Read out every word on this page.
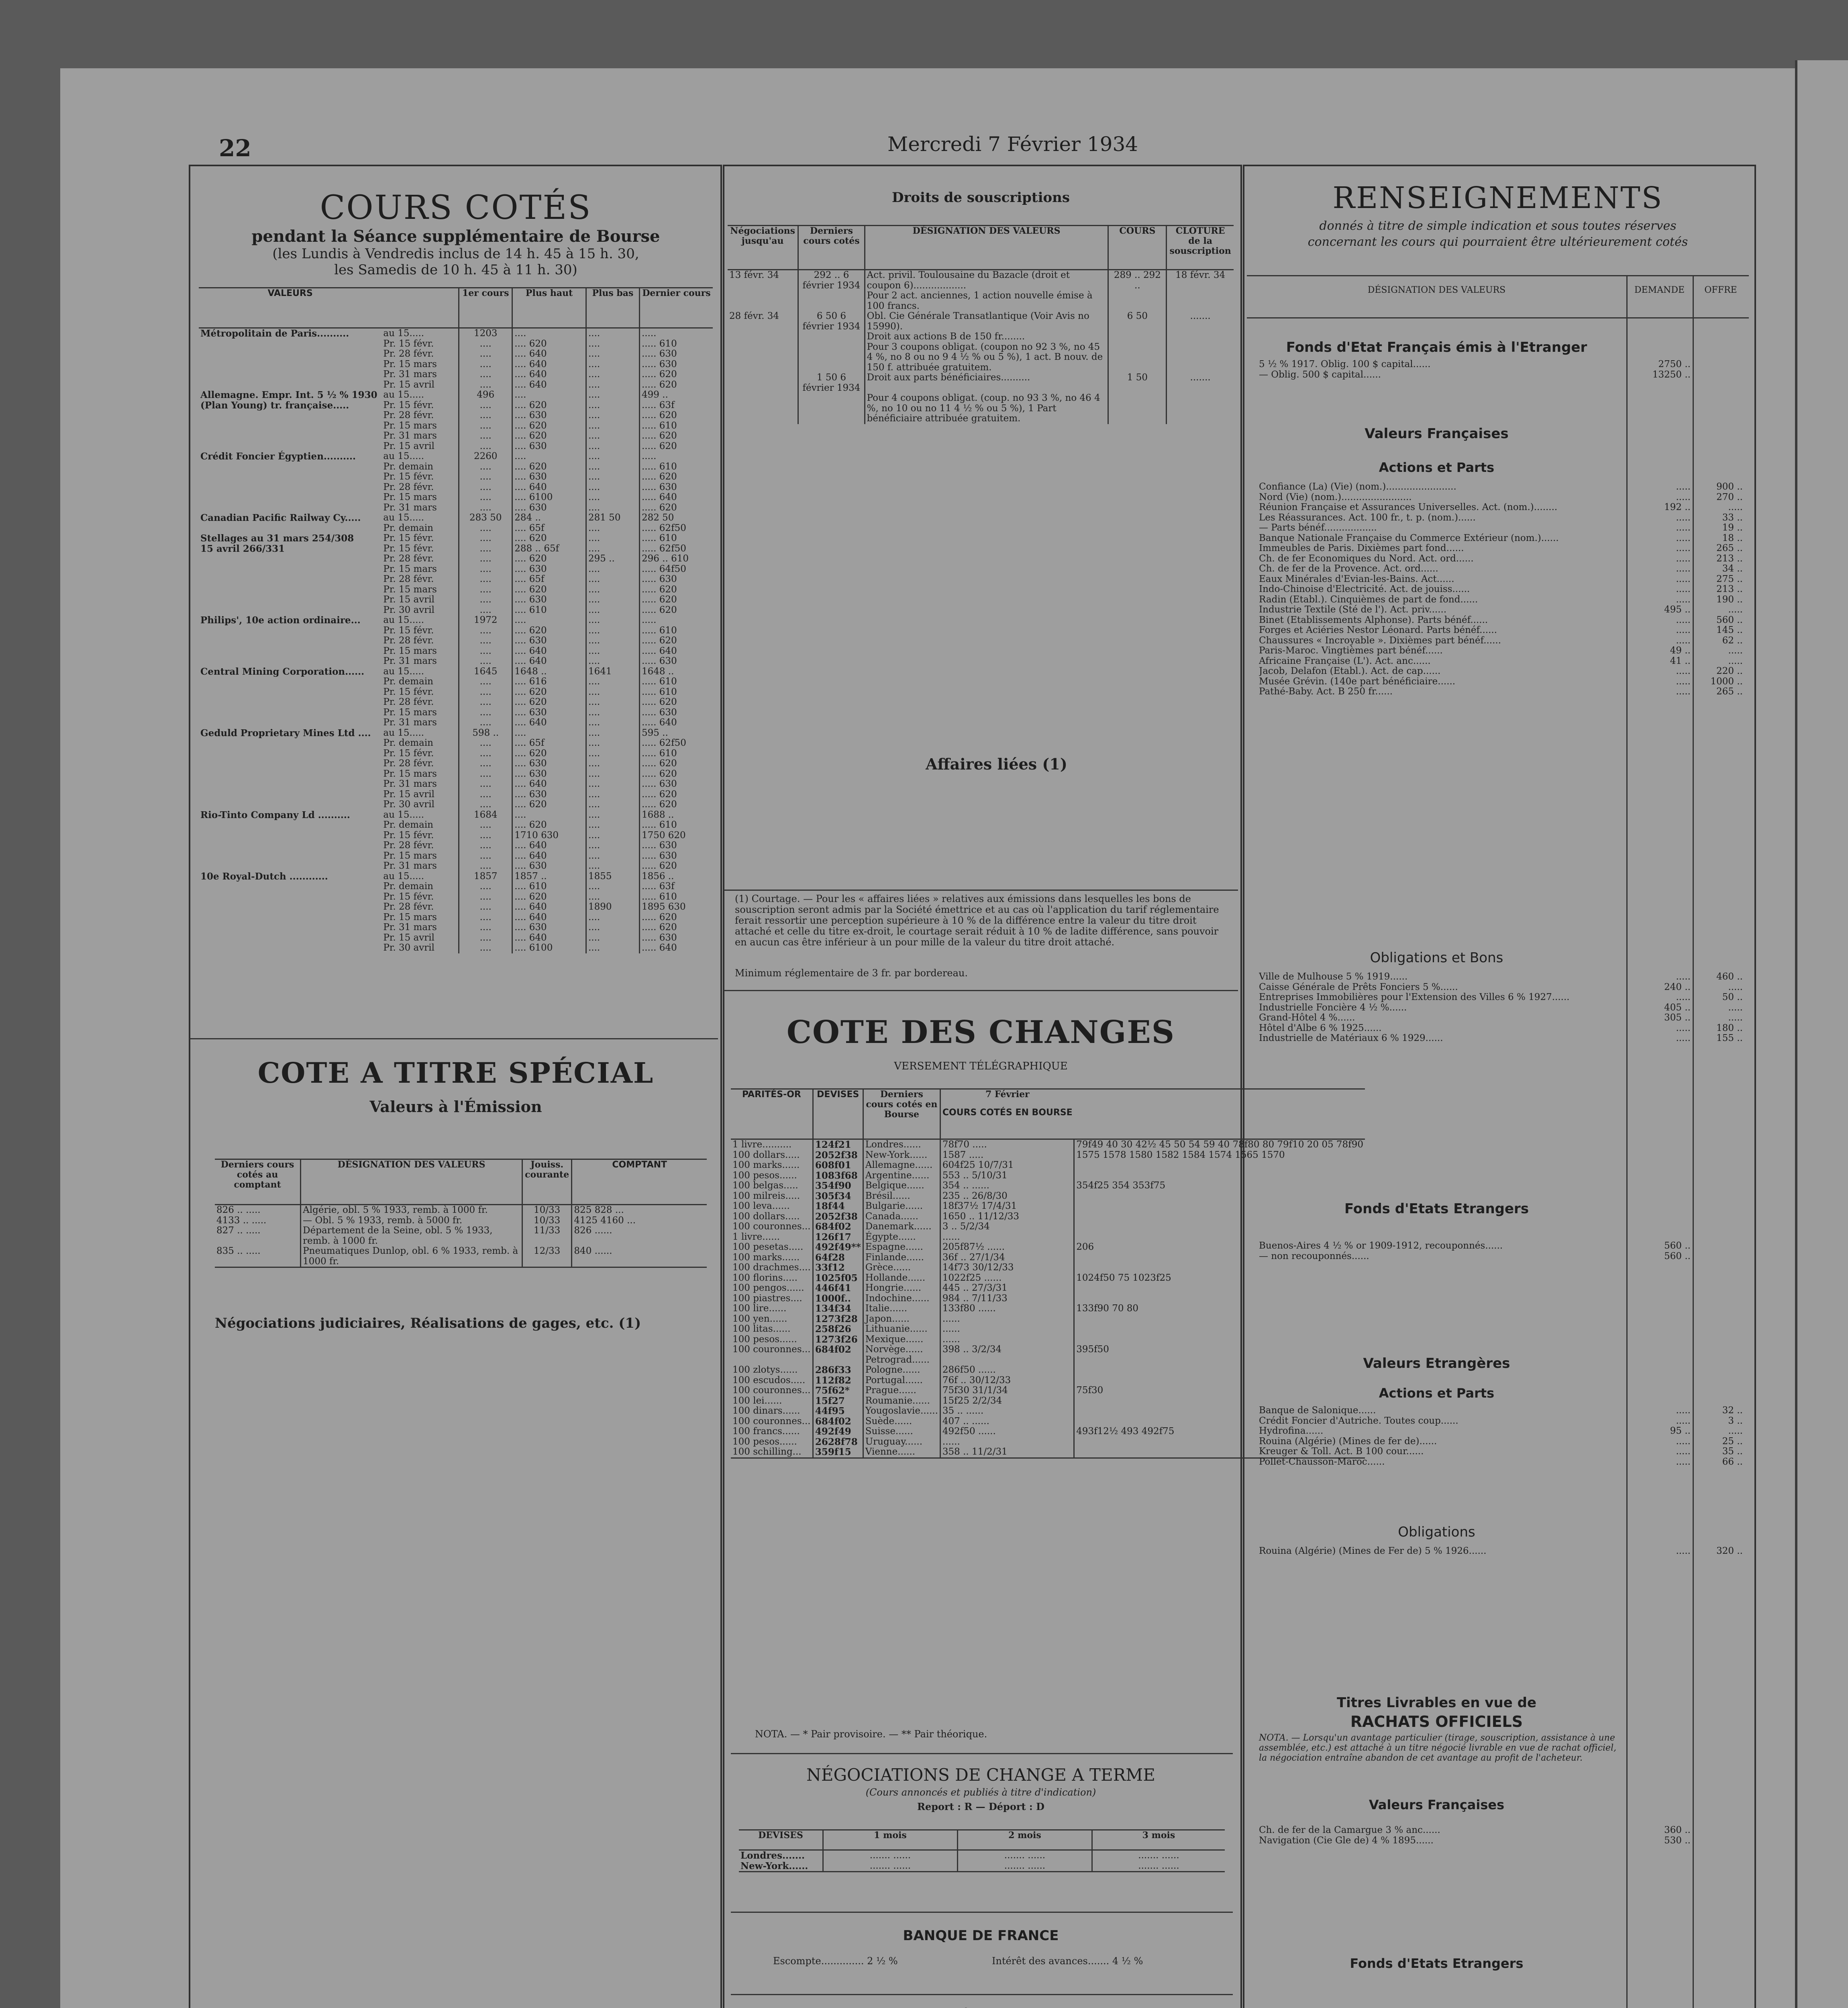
22	Mercredi 7 Février 1934
COURS COTÉS
pendant la Séance supplémentaire de Bourse
(les Lundis à Vendredis inclus de 14 h. 45 à 15 h. 30,
les Samedis de 10 h. 45 à 11 h. 30)
VALEURS		1er cours	Plus haut	Plus bas	Dernier cours
Métropolitain de Paris..........	au 15.....	1203	....	....	.....
	Pr. 15 févr.	....	.... 620	....	..... 610
	Pr. 28 févr.	....	.... 640	....	..... 630
	Pr. 15 mars	....	.... 640	....	..... 630
	Pr. 31 mars	....	.... 640	....	..... 620
	Pr. 15 avril	....	.... 640	....	..... 620
Allemagne. Empr. Int. 5 ½ % 1930	au 15.....	496	....	....	499 ..
(Plan Young) tr. française.....	Pr. 15 févr.	....	.... 620	....	..... 63f
	Pr. 28 févr.	....	.... 630	....	..... 620
	Pr. 15 mars	....	.... 620	....	..... 610
	Pr. 31 mars	....	.... 620	....	..... 620
	Pr. 15 avril	....	.... 630	....	..... 620
Crédit Foncier Égyptien..........	au 15.....	2260	....	....	.....
	Pr. demain	....	.... 620	....	..... 610
	Pr. 15 févr.	....	.... 630	....	..... 620
	Pr. 28 févr.	....	.... 640	....	..... 630
	Pr. 15 mars	....	.... 6100	....	..... 640
	Pr. 31 mars	....	.... 630	....	..... 620
Canadian Pacific Railway Cy.....	au 15.....	283 50	284 ..	281 50	282 50
	Pr. demain	....	.... 65f	....	..... 62f50
Stellages au 31 mars 254/308	Pr. 15 févr.	....	.... 620	....	..... 610
15 avril 266/331	Pr. 15 févr.	....	288 .. 65f	....	..... 62f50
	Pr. 28 févr.	....	.... 620	295 ..	296 .. 610
	Pr. 15 mars	....	.... 630	....	..... 64f50
	Pr. 28 févr.	....	.... 65f	....	..... 630
	Pr. 15 mars	....	.... 620	....	..... 620
	Pr. 15 avril	....	.... 630	....	..... 620
	Pr. 30 avril	....	.... 610	....	..... 620
Philips', 10e action ordinaire...	au 15.....	1972	....	....	.....
	Pr. 15 févr.	....	.... 620	....	..... 610
	Pr. 28 févr.	....	.... 630	....	..... 620
	Pr. 15 mars	....	.... 640	....	..... 640
	Pr. 31 mars	....	.... 640	....	..... 630
Central Mining Corporation......	au 15.....	1645	1648 ..	1641	1648 ..
	Pr. demain	....	.... 616	....	..... 610
	Pr. 15 févr.	....	.... 620	....	..... 610
	Pr. 28 févr.	....	.... 620	....	..... 620
	Pr. 15 mars	....	.... 630	....	..... 630
	Pr. 31 mars	....	.... 640	....	..... 640
Geduld Proprietary Mines Ltd ....	au 15.....	598 ..	....	....	595 ..
	Pr. demain	....	.... 65f	....	..... 62f50
	Pr. 15 févr.	....	.... 620	....	..... 610
	Pr. 28 févr.	....	.... 630	....	..... 620
	Pr. 15 mars	....	.... 630	....	..... 620
	Pr. 31 mars	....	.... 640	....	..... 630
	Pr. 15 avril	....	.... 630	....	..... 620
	Pr. 30 avril	....	.... 620	....	..... 620
Rio-Tinto Company Ld ..........	au 15.....	1684	....	....	1688 ..
	Pr. demain	....	.... 620	....	..... 610
	Pr. 15 févr.	....	1710 630	....	1750 620
	Pr. 28 févr.	....	.... 640	....	..... 630
	Pr. 15 mars	....	.... 640	....	..... 630
	Pr. 31 mars	....	.... 630	....	..... 620
10e Royal-Dutch ............	au 15.....	1857	1857 ..	1855	1856 ..
	Pr. demain	....	.... 610	....	..... 63f
	Pr. 15 févr.	....	.... 620	....	..... 610
	Pr. 28 févr.	....	.... 640	1890	1895 630
	Pr. 15 mars	....	.... 640	....	..... 620
	Pr. 31 mars	....	.... 630	....	..... 620
	Pr. 15 avril	....	.... 640	....	..... 630
	Pr. 30 avril	....	.... 6100	....	..... 640
COTE A TITRE SPÉCIAL
Valeurs à l'Émission
Derniers cours cotés au comptant	DÉSIGNATION DES VALEURS	Jouiss. courante	COMPTANT
826 .. .....	Algérie, obl. 5 % 1933, remb. à 1000 fr.	10/33	825 828 ...
4133 .. .....	— Obl. 5 % 1933, remb. à 5000 fr.	10/33	4125 4160 ...
827 .. .....	Département de la Seine, obl. 5 % 1933, remb. à 1000 fr.	11/33	826 ......
835 .. .....	Pneumatiques Dunlop, obl. 6 % 1933, remb. à 1000 fr.	12/33	840 ......
Négociations judiciaires, Réalisations de gages, etc. (1)
Droits de souscriptions
Négociations jusqu'au	Derniers cours cotés	DÉSIGNATION DES VALEURS	COURS	CLOTURE de la souscription
13 févr. 34	292 .. 6 février 1934	Act. privil. Toulousaine du Bazacle (droit et coupon 6)..................	289 .. 292 ..	18 févr. 34
		Pour 2 act. anciennes, 1 action nouvelle émise à 100 francs.		
28 févr. 34	6 50 6 février 1934	Obl. Cie Générale Transatlantique (Voir Avis no 15990).	6 50	.......
		Droit aux actions B de 150 fr........		
		Pour 3 coupons obligat. (coupon no 92 3 %, no 45 4 %, no 8 ou no 9 4 ½ % ou 5 %), 1 act. B nouv. de 150 f. attribuée gratuitem.		
	1 50 6 février 1934	Droit aux parts bénéficiaires..........	1 50	.......
		Pour 4 coupons obligat. (coup. no 93 3 %, no 46 4 %, no 10 ou no 11 4 ½ % ou 5 %), 1 Part bénéficiaire attribuée gratuitem.		
Affaires liées (1)
(1) Courtage. — Pour les « affaires liées » relatives aux émissions dans lesquelles les bons de souscription seront admis par la Société émettrice et au cas où l'application du tarif réglementaire ferait ressortir une perception supérieure à 10 % de la différence entre la valeur du titre droit attaché et celle du titre ex-droit, le courtage serait réduit à 10 % de ladite différence, sans pouvoir en aucun cas être inférieur à un pour mille de la valeur du titre droit attaché.
Minimum réglementaire de 3 fr. par bordereau.
COTE DES CHANGES
VERSEMENT TÉLÉGRAPHIQUE
PARITÉS-OR	DEVISES	Derniers cours cotés en Bourse	7 Février
COURS COTÉS EN BOURSE	

1 livre..........	124f21	Londres......	78f70 .....	79f49 40 30 42½ 45 50 54 59 40 78f80 80 79f10 20 05 78f90

100 dollars.....	2052f38	New-York......	1587 .....	1575 1578 1580 1582 1584 1574 1565 1570

100 marks......	608f01	Allemagne......	604f25 10/7/31	
100 pesos......	1083f68	Argentine......	553 .. 5/10/31	
100 belgas.....	354f90	Belgique......	354 .. ......	354f25 354 353f75
100 milreis.....	305f34	Brésil......	235 .. 26/8/30	
100 leva......	18f44	Bulgarie......	18f37½ 17/4/31	
100 dollars.....	2052f38	Canada......	1650 .. 11/12/33	
100 couronnes...	684f02	Danemark......	3 .. 5/2/34	
1 livre......	126f17	Égypte......	......	
100 pesetas.....	492f49**	Espagne......	205f87½ ......	206
100 marks......	64f28	Finlande......	36f .. 27/1/34	
100 drachmes....	33f12	Grèce......	14f73 30/12/33	
100 florins.....	1025f05	Hollande......	1022f25 ......	1024f50 75 1023f25
100 pengos......	446f41	Hongrie......	445 .. 27/3/31	
100 piastres....	1000f..	Indochine......	984 .. 7/11/33	
100 lire......	134f34	Italie......	133f80 ......	133f90 70 80
100 yen......	1273f28	Japon......	......	
100 litas......	258f26	Lithuanie......	......	
100 pesos......	1273f26	Mexique......	......	
100 couronnes...	684f02	Norvège......	398 .. 3/2/34	395f50
		Petrograd......		
100 zlotys......	286f33	Pologne......	286f50 ......	
100 escudos.....	112f82	Portugal......	76f .. 30/12/33	
100 couronnes...	75f62*	Prague......	75f30 31/1/34	75f30
100 lei......	15f27	Roumanie......	15f25 2/2/34	
100 dinars......	44f95	Yougoslavie......	35 .. ......	
100 couronnes...	684f02	Suède......	407 .. ......	
100 francs......	492f49	Suisse......	492f50 ......	493f12½ 493 492f75
100 pesos......	2628f78	Uruguay......	......	
100 schilling...	359f15	Vienne......	358 .. 11/2/31	
NOTA. — * Pair provisoire. — ** Pair théorique.
NÉGOCIATIONS DE CHANGE A TERME
(Cours annoncés et publiés à titre d'indication)
Report : R — Déport : D
DEVISES	1 mois	2 mois	3 mois
Londres.......	....... ......	....... ......	....... ......
New-York......	....... ......	....... ......	....... ......
BANQUE DE FRANCE
Escompte.............. 2 ½ %	Intérêt des avances....... 4 ½ %
RENSEIGNEMENTS
donnés à titre de simple indication et sous toutes réserves
concernant les cours qui pourraient être ultérieurement cotés
DÉSIGNATION DES VALEURS	DEMANDE	OFFRE
Fonds d'Etat Français émis à l'Etranger
5 ½ % 1917. Oblig. 100 $ capital......	2750 ..
— Oblig. 500 $ capital......	13250 ..
Valeurs Françaises
Actions et Parts
Confiance (La) (Vie) (nom.)........................	.....	900 ..
Nord (Vie) (nom.)........................	.....	270 ..
Réunion Française et Assurances Universelles. Act. (nom.)........	192 ..	.....
Les Réassurances. Act. 100 fr., t. p. (nom.)......	.....	33 ..
— Parts bénéf..................	.....	19 ..
Banque Nationale Française du Commerce Extérieur (nom.)......	.....	18 ..
Immeubles de Paris. Dixièmes part fond......	.....	265 ..
Ch. de fer Économiques du Nord. Act. ord......	.....	213 ..
Ch. de fer de la Provence. Act. ord......	.....	34 ..
Eaux Minérales d'Evian-les-Bains. Act......	.....	275 ..
Indo-Chinoise d'Electricité. Act. de jouiss......	.....	213 ..
Radin (Etabl.). Cinquièmes de part de fond......	.....	190 ..
Industrie Textile (Sté de l'). Act. priv......	495 ..	.....
Binet (Etablissements Alphonse). Parts bénéf......	.....	560 ..
Forges et Aciéries Nestor Léonard. Parts bénéf......	.....	145 ..
Chaussures « Incroyable ». Dixièmes part bénéf......	.....	62 ..
Paris-Maroc. Vingtièmes part bénéf......	49 ..	.....
Africaine Française (L'). Act. anc......	41 ..	.....
Jacob, Delafon (Etabl.). Act. de cap......	.....	220 ..
Musée Grévin. (140e part bénéficiaire......	.....	1000 ..
Pathé-Baby. Act. B 250 fr......	.....	265 ..
Obligations et Bons
Ville de Mulhouse 5 % 1919......	.....	460 ..
Caisse Générale de Prêts Fonciers 5 %......	240 ..	.....
Entreprises Immobilières pour l'Extension des Villes 6 % 1927......	.....	50 ..
Industrielle Foncière 4 ½ %......	405 ..	.....
Grand-Hôtel 4 %......	305 ..	.....
Hôtel d'Albe 6 % 1925......	.....	180 ..
Industrielle de Matériaux 6 % 1929......	.....	155 ..
Fonds d'Etats Etrangers
Buenos-Aires 4 ½ % or 1909-1912, recouponnés......	560 ..
— non recouponnés......	560 ..
Valeurs Etrangères
Actions et Parts
Banque de Salonique......	.....	32 ..
Crédit Foncier d'Autriche. Toutes coup......	.....	3 ..
Hydrofina......	95 ..	.....
Rouina (Algérie) (Mines de fer de)......	.....	25 ..
Kreuger & Toll. Act. B 100 cour......	.....	35 ..
Pollet-Chausson-Maroc......	.....	66 ..
Obligations
Rouina (Algérie) (Mines de Fer de) 5 % 1926......	.....	320 ..
Titres Livrables en vue de
RACHATS OFFICIELS
NOTA. — Lorsqu'un avantage particulier (tirage, souscription, assistance à une assemblée, etc.) est attaché à un titre négocié livrable en vue de rachat officiel, la négociation entraîne abandon de cet avantage au profit de l'acheteur.
Valeurs Françaises
Ch. de fer de la Camargue 3 % anc......	360 ..
Navigation (Cie Gle de) 4 % 1895......	530 ..
Fonds d'Etats Etrangers
